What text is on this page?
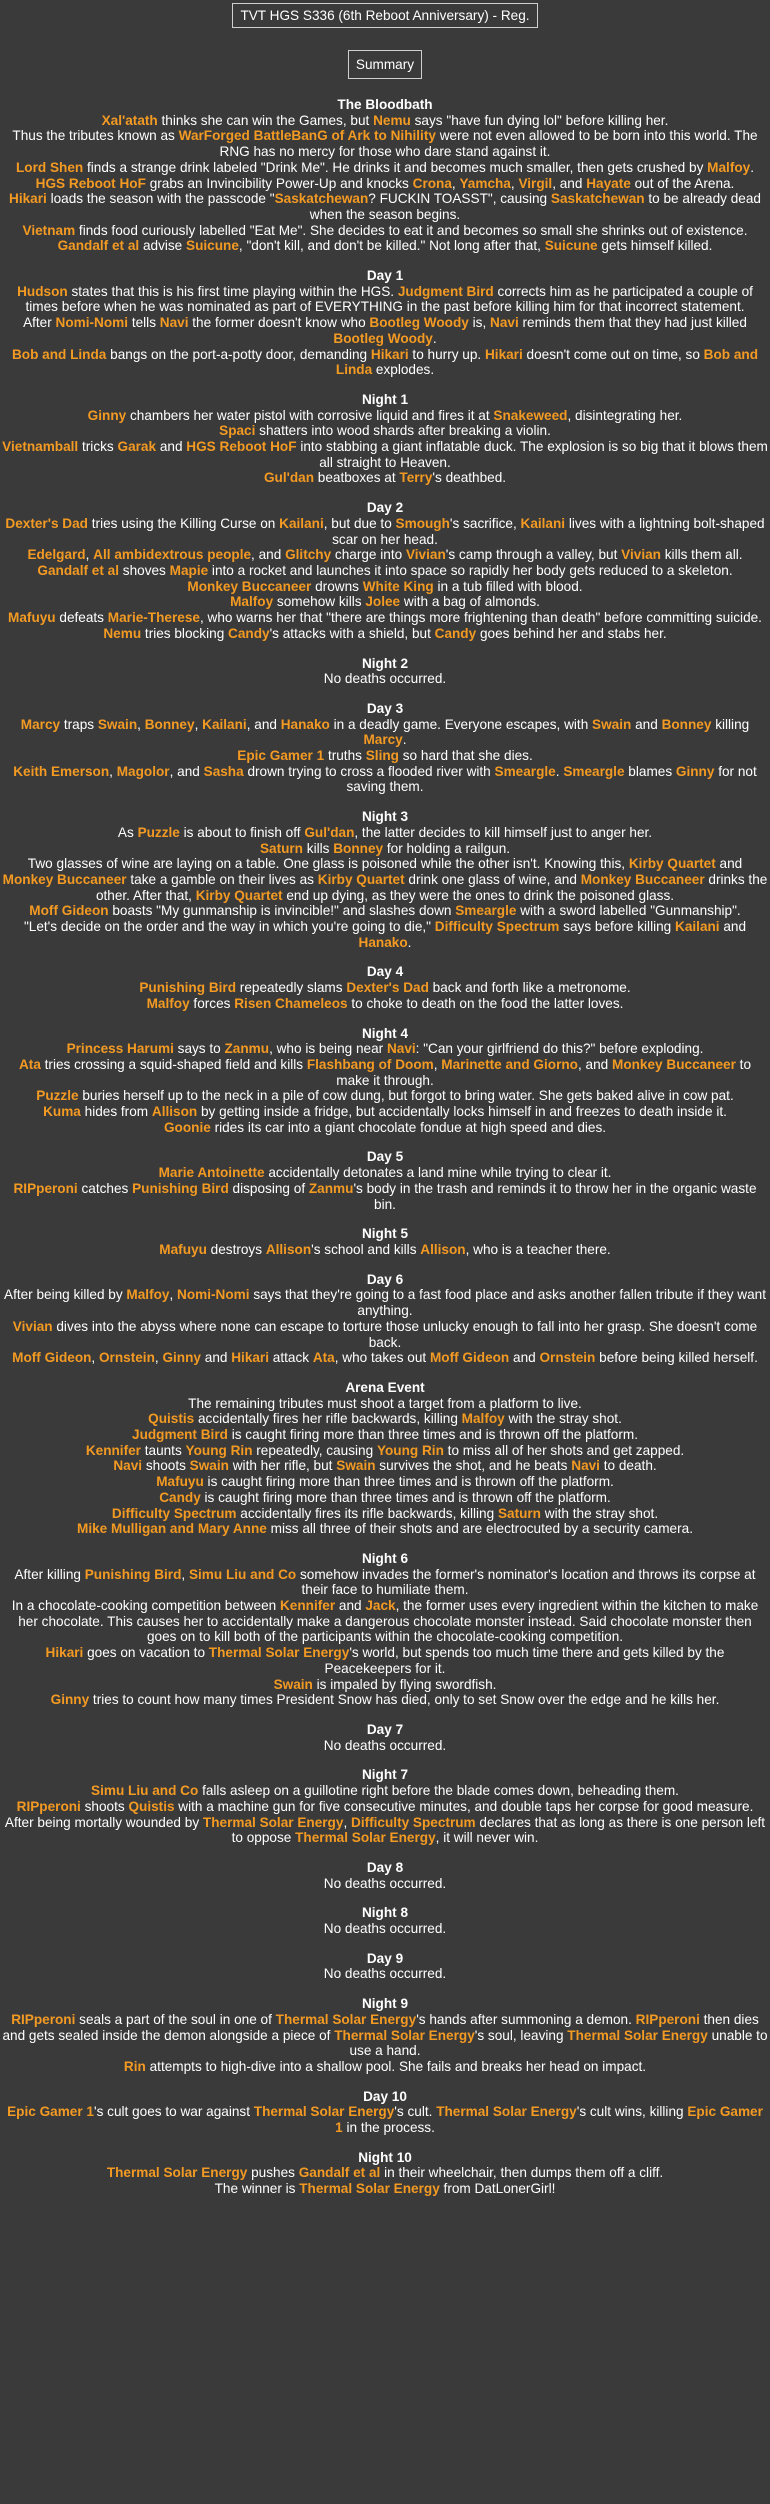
TVT HGS S336 (6th Reboot Anniversary) - Reg.
Summary
The Bloodbath
Xal'atath thinks she can win the Games, but Nemu says "have fun dying lol" before killing her.
Thus the tributes known as WarForged BattleBanG of Ark to Nihility were not even allowed to be born into this world. The RNG has no mercy for those who dare stand against it.
Lord Shen finds a strange drink labeled "Drink Me". He drinks it and becomes much smaller, then gets crushed by Malfoy.
HGS Reboot HoF grabs an Invincibility Power-Up and knocks Crona, Yamcha, Virgil, and Hayate out of the Arena.
Hikari loads the season with the passcode "Saskatchewan? FUCKIN TOASST", causing Saskatchewan to be already dead when the season begins.
Vietnam finds food curiously labelled "Eat Me". She decides to eat it and becomes so small she shrinks out of existence.
Gandalf et al advise Suicune, "don't kill, and don't be killed." Not long after that, Suicune gets himself killed.
Day 1
Hudson states that this is his first time playing within the HGS. Judgment Bird corrects him as he participated a couple of times before when he was nominated as part of EVERYTHING in the past before killing him for that incorrect statement.
After Nomi-Nomi tells Navi the former doesn't know who Bootleg Woody is, Navi reminds them that they had just killed Bootleg Woody.
Bob and Linda bangs on the port-a-potty door, demanding Hikari to hurry up. Hikari doesn't come out on time, so Bob and Linda explodes.
Night 1
Ginny chambers her water pistol with corrosive liquid and fires it at Snakeweed, disintegrating her.
Spaci shatters into wood shards after breaking a violin.
Vietnamball tricks Garak and HGS Reboot HoF into stabbing a giant inflatable duck. The explosion is so big that it blows them all straight to Heaven.
Gul'dan beatboxes at Terry's deathbed.
Day 2
Dexter's Dad tries using the Killing Curse on Kailani, but due to Smough's sacrifice, Kailani lives with a lightning bolt-shaped scar on her head.
Edelgard, All ambidextrous people, and Glitchy charge into Vivian's camp through a valley, but Vivian kills them all.
Gandalf et al shoves Mapie into a rocket and launches it into space so rapidly her body gets reduced to a skeleton.
Monkey Buccaneer drowns White King in a tub filled with blood.
Malfoy somehow kills Jolee with a bag of almonds.
Mafuyu defeats Marie-Therese, who warns her that "there are things more frightening than death" before committing suicide.
Nemu tries blocking Candy's attacks with a shield, but Candy goes behind her and stabs her.
Night 2
No deaths occurred.
Day 3
Marcy traps Swain, Bonney, Kailani, and Hanako in a deadly game. Everyone escapes, with Swain and Bonney killing Marcy.
Epic Gamer 1 truths Sling so hard that she dies.
Keith Emerson, Magolor, and Sasha drown trying to cross a flooded river with Smeargle. Smeargle blames Ginny for not saving them.
Night 3
As Puzzle is about to finish off Gul'dan, the latter decides to kill himself just to anger her.
Saturn kills Bonney for holding a railgun.
Two glasses of wine are laying on a table. One glass is poisoned while the other isn't. Knowing this, Kirby Quartet and Monkey Buccaneer take a gamble on their lives as Kirby Quartet drink one glass of wine, and Monkey Buccaneer drinks the other. After that, Kirby Quartet end up dying, as they were the ones to drink the poisoned glass.
Moff Gideon boasts "My gunmanship is invincible!" and slashes down Smeargle with a sword labelled "Gunmanship".
"Let's decide on the order and the way in which you're going to die," Difficulty Spectrum says before killing Kailani and Hanako.
Day 4
Punishing Bird repeatedly slams Dexter's Dad back and forth like a metronome.
Malfoy forces Risen Chameleos to choke to death on the food the latter loves.
Night 4
Princess Harumi says to Zanmu, who is being near Navi: "Can your girlfriend do this?" before exploding.
Ata tries crossing a squid-shaped field and kills Flashbang of Doom, Marinette and Giorno, and Monkey Buccaneer to make it through.
Puzzle buries herself up to the neck in a pile of cow dung, but forgot to bring water. She gets baked alive in cow pat.
Kuma hides from Allison by getting inside a fridge, but accidentally locks himself in and freezes to death inside it.
Goonie rides its car into a giant chocolate fondue at high speed and dies.
Day 5
Marie Antoinette accidentally detonates a land mine while trying to clear it.
RIPperoni catches Punishing Bird disposing of Zanmu's body in the trash and reminds it to throw her in the organic waste bin.
Night 5
Mafuyu destroys Allison's school and kills Allison, who is a teacher there.
Day 6
After being killed by Malfoy, Nomi-Nomi says that they're going to a fast food place and asks another fallen tribute if they want anything.
Vivian dives into the abyss where none can escape to torture those unlucky enough to fall into her grasp. She doesn't come back.
Moff Gideon, Ornstein, Ginny and Hikari attack Ata, who takes out Moff Gideon and Ornstein before being killed herself.
Arena Event
The remaining tributes must shoot a target from a platform to live.
Quistis accidentally fires her rifle backwards, killing Malfoy with the stray shot.
Judgment Bird is caught firing more than three times and is thrown off the platform.
Kennifer taunts Young Rin repeatedly, causing Young Rin to miss all of her shots and get zapped.
Navi shoots Swain with her rifle, but Swain survives the shot, and he beats Navi to death.
Mafuyu is caught firing more than three times and is thrown off the platform.
Candy is caught firing more than three times and is thrown off the platform.
Difficulty Spectrum accidentally fires its rifle backwards, killing Saturn with the stray shot.
Mike Mulligan and Mary Anne miss all three of their shots and are electrocuted by a security camera.
Night 6
After killing Punishing Bird, Simu Liu and Co somehow invades the former's nominator's location and throws its corpse at their face to humiliate them.
In a chocolate-cooking competition between Kennifer and Jack, the former uses every ingredient within the kitchen to make her chocolate. This causes her to accidentally make a dangerous chocolate monster instead. Said chocolate monster then goes on to kill both of the participants within the chocolate-cooking competition.
Hikari goes on vacation to Thermal Solar Energy's world, but spends too much time there and gets killed by the Peacekeepers for it.
Swain is impaled by flying swordfish.
Ginny tries to count how many times President Snow has died, only to set Snow over the edge and he kills her.
Day 7
No deaths occurred.
Night 7
Simu Liu and Co falls asleep on a guillotine right before the blade comes down, beheading them.
RIPperoni shoots Quistis with a machine gun for five consecutive minutes, and double taps her corpse for good measure.
After being mortally wounded by Thermal Solar Energy, Difficulty Spectrum declares that as long as there is one person left to oppose Thermal Solar Energy, it will never win.
Day 8
No deaths occurred.
Night 8
No deaths occurred.
Day 9
No deaths occurred.
Night 9
RIPperoni seals a part of the soul in one of Thermal Solar Energy's hands after summoning a demon. RIPperoni then dies and gets sealed inside the demon alongside a piece of Thermal Solar Energy's soul, leaving Thermal Solar Energy unable to use a hand.
Rin attempts to high-dive into a shallow pool. She fails and breaks her head on impact.
Day 10
Epic Gamer 1's cult goes to war against Thermal Solar Energy's cult. Thermal Solar Energy's cult wins, killing Epic Gamer 1 in the process.
Night 10
Thermal Solar Energy pushes Gandalf et al in their wheelchair, then dumps them off a cliff.
The winner is Thermal Solar Energy from DatLonerGirl!
